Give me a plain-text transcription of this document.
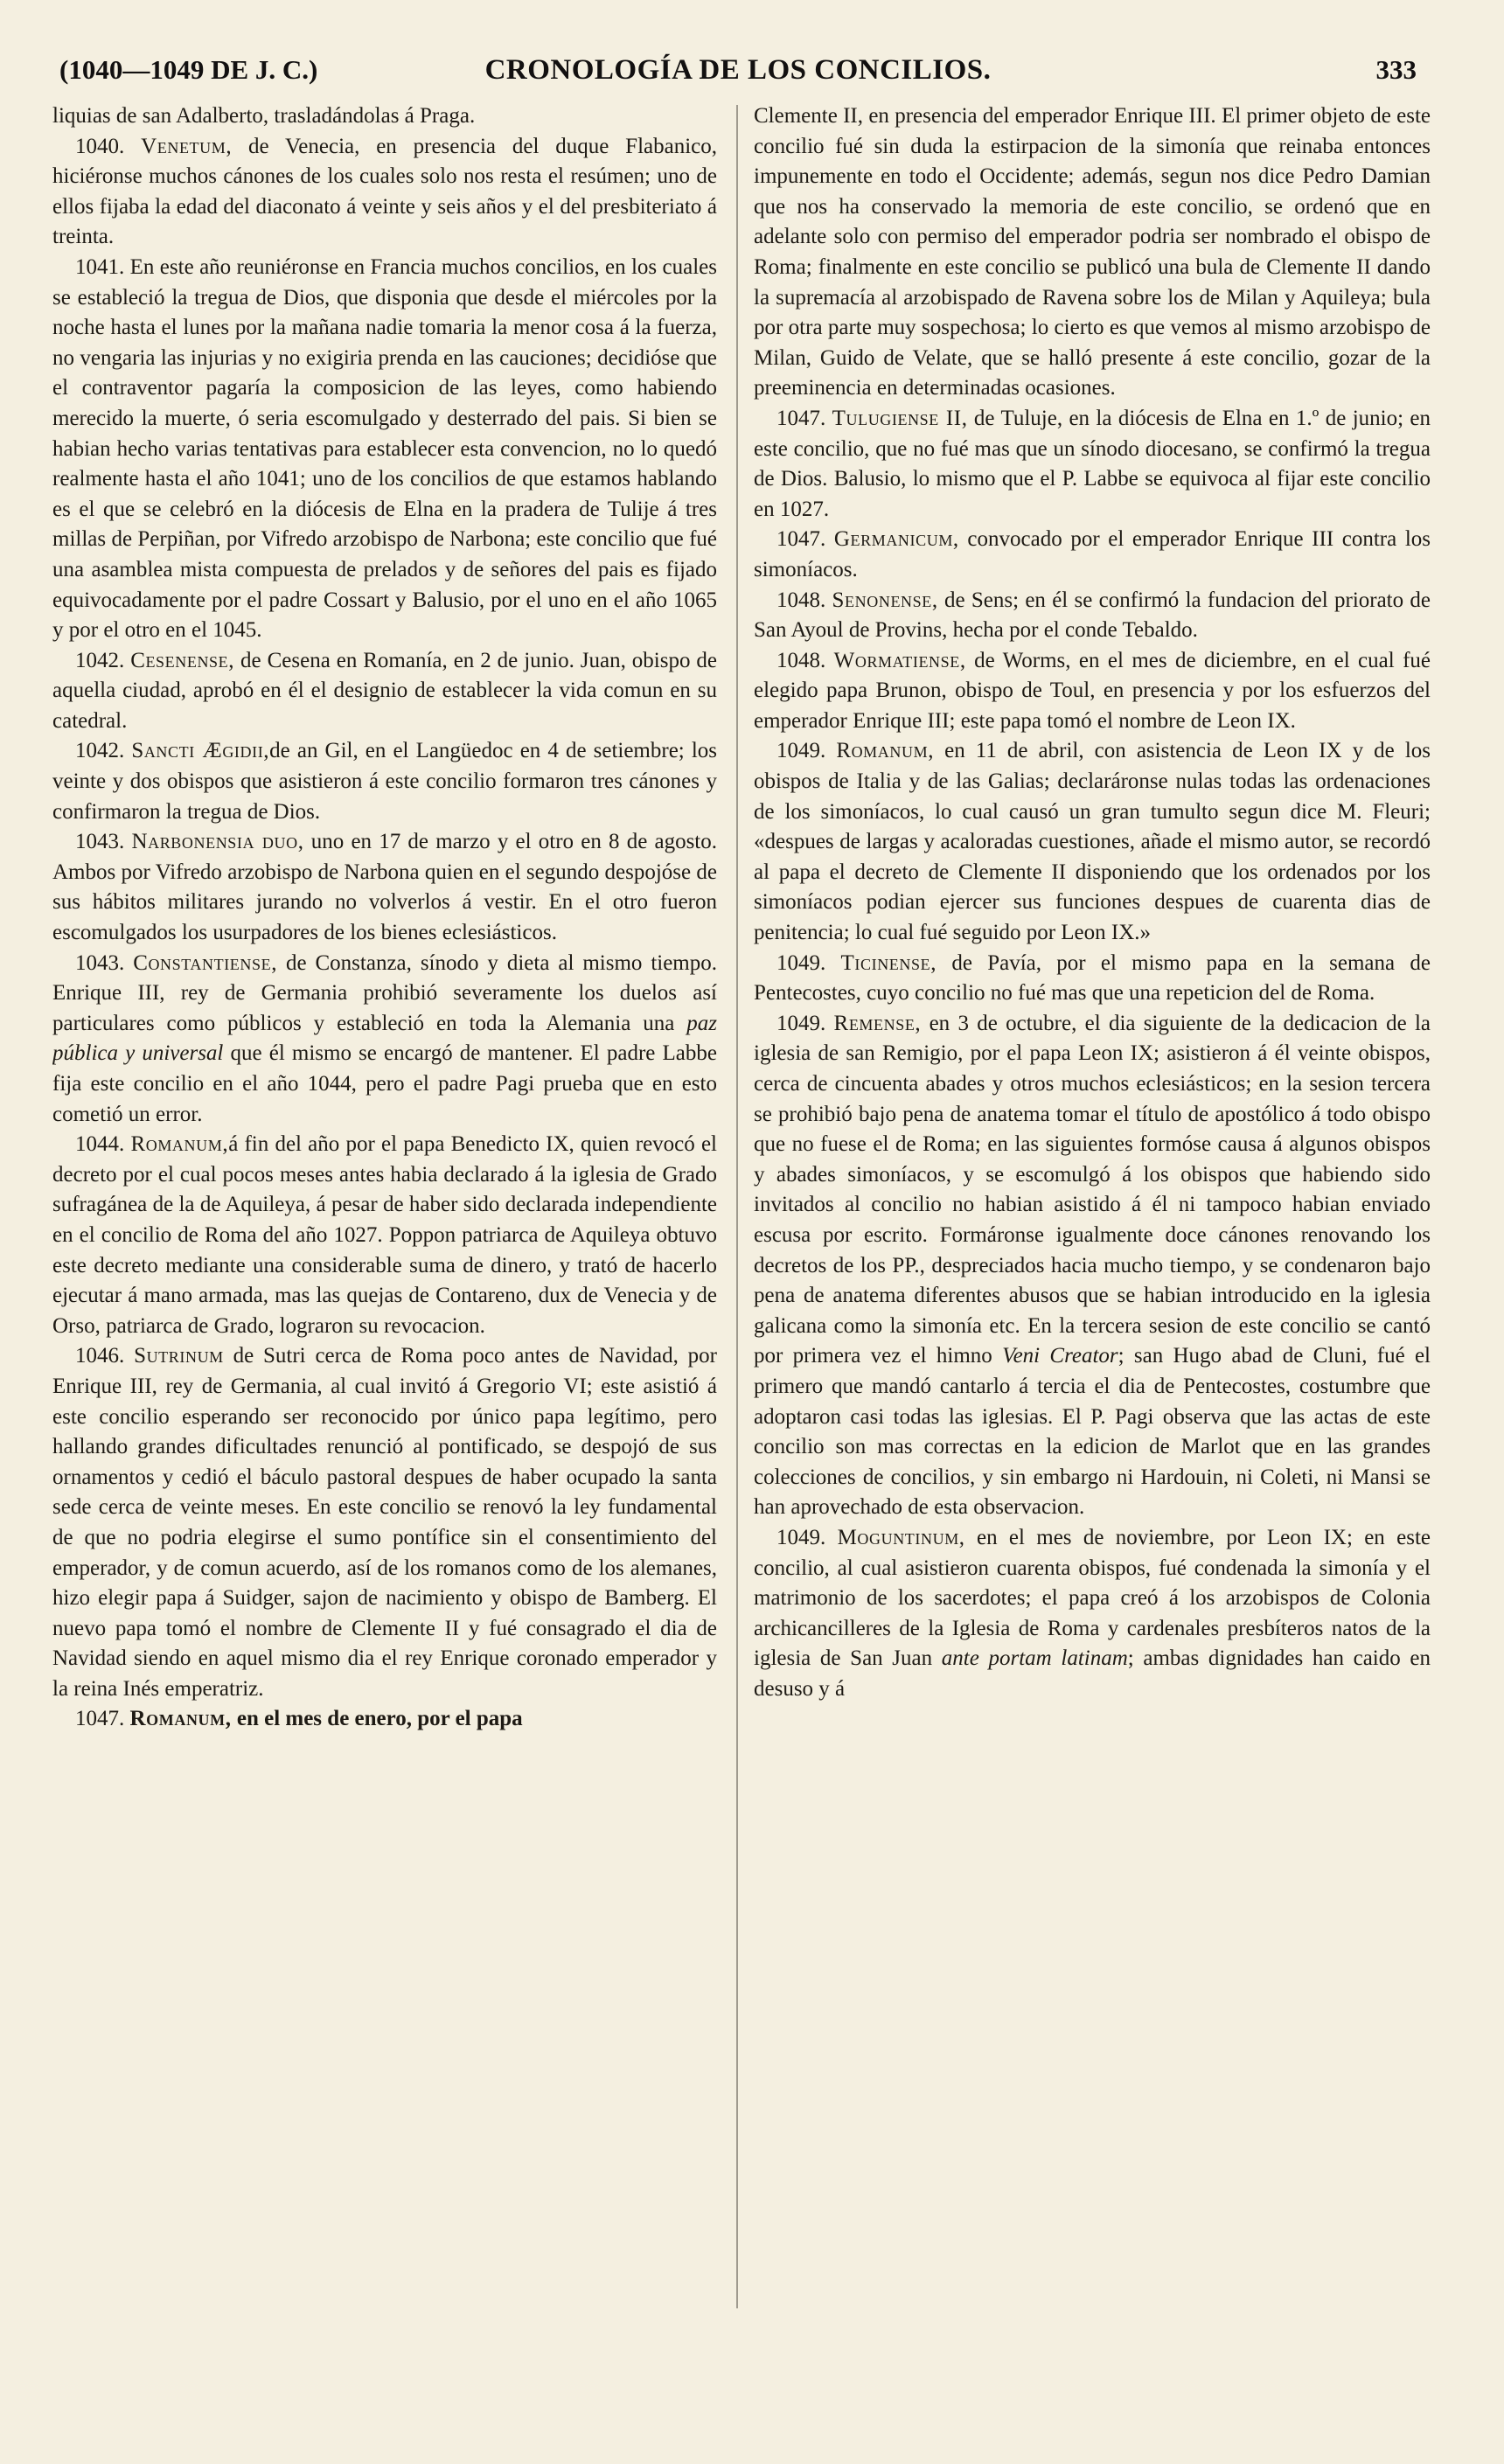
(1040—1049 DE J. C.)	CRONOLOGÍA DE LOS CONCILIOS.	333

liquias de san Adalberto, trasladándolas á Praga.

1040. Venetum, de Venecia, en presencia del duque Flabanico, hiciéronse muchos cánones de los cuales solo nos resta el resúmen; uno de ellos fijaba la edad del diaconato á veinte y seis años y el del presbiteriato á treinta.

1041. En este año reuniéronse en Francia muchos concilios, en los cuales se estableció la tregua de Dios, que disponia que desde el miércoles por la noche hasta el lunes por la mañana nadie tomaria la menor cosa á la fuerza, no vengaria las injurias y no exigiria prenda en las cauciones; decidióse que el contraventor pagaría la composicion de las leyes, como habiendo merecido la muerte, ó seria escomulgado y desterrado del pais. Si bien se habian hecho varias tentativas para establecer esta convencion, no lo quedó realmente hasta el año 1041; uno de los concilios de que estamos hablando es el que se celebró en la diócesis de Elna en la pradera de Tulije á tres millas de Perpiñan, por Vifredo arzobispo de Narbona; este concilio que fué una asamblea mista compuesta de prelados y de señores del pais es fijado equivocadamente por el padre Cossart y Balusio, por el uno en el año 1065 y por el otro en el 1045.

1042. Cesenense, de Cesena en Romanía, en 2 de junio. Juan, obispo de aquella ciudad, aprobó en él el designio de establecer la vida comun en su catedral.

1042. Sancti Ægidii,de an Gil, en el Langüedoc en 4 de setiembre; los veinte y dos obispos que asistieron á este concilio formaron tres cánones y confirmaron la tregua de Dios.

1043. Narbonensia duo, uno en 17 de marzo y el otro en 8 de agosto. Ambos por Vifredo arzobispo de Narbona quien en el segundo despojóse de sus hábitos militares jurando no volverlos á vestir. En el otro fueron escomulgados los usurpadores de los bienes eclesiásticos.

1043. Constantiense, de Constanza, sínodo y dieta al mismo tiempo. Enrique III, rey de Germania prohibió severamente los duelos así particulares como públicos y estableció en toda la Alemania una paz pública y universal que él mismo se encargó de mantener. El padre Labbe fija este concilio en el año 1044, pero el padre Pagi prueba que en esto cometió un error.

1044. Romanum,á fin del año por el papa Benedicto IX, quien revocó el decreto por el cual pocos meses antes habia declarado á la iglesia de Grado sufragánea de la de Aquileya, á pesar de haber sido declarada independiente en el concilio de Roma del año 1027. Poppon patriarca de Aquileya obtuvo este decreto mediante una considerable suma de dinero, y trató de hacerlo ejecutar á mano armada, mas las quejas de Contareno, dux de Venecia y de Orso, patriarca de Grado, lograron su revocacion.

1046. Sutrinum de Sutri cerca de Roma poco antes de Navidad, por Enrique III, rey de Germania, al cual invitó á Gregorio VI; este asistió á este concilio esperando ser reconocido por único papa legítimo, pero hallando grandes dificultades renunció al pontificado, se despojó de sus ornamentos y cedió el báculo pastoral despues de haber ocupado la santa sede cerca de veinte meses. En este concilio se renovó la ley fundamental de que no podria elegirse el sumo pontífice sin el consentimiento del emperador, y de comun acuerdo, así de los romanos como de los alemanes, hizo elegir papa á Suidger, sajon de nacimiento y obispo de Bamberg. El nuevo papa tomó el nombre de Clemente II y fué consagrado el dia de Navidad siendo en aquel mismo dia el rey Enrique coronado emperador y la reina Inés emperatriz.

1047. Romanum, en el mes de enero, por el papa

Clemente II, en presencia del emperador Enrique III. El primer objeto de este concilio fué sin duda la estirpacion de la simonía que reinaba entonces impunemente en todo el Occidente; además, segun nos dice Pedro Damian que nos ha conservado la memoria de este concilio, se ordenó que en adelante solo con permiso del emperador podria ser nombrado el obispo de Roma; finalmente en este concilio se publicó una bula de Clemente II dando la supremacía al arzobispado de Ravena sobre los de Milan y Aquileya; bula por otra parte muy sospechosa; lo cierto es que vemos al mismo arzobispo de Milan, Guido de Velate, que se halló presente á este concilio, gozar de la preeminencia en determinadas ocasiones.

1047. Tulugiense II, de Tuluje, en la diócesis de Elna en 1.º de junio; en este concilio, que no fué mas que un sínodo diocesano, se confirmó la tregua de Dios. Balusio, lo mismo que el P. Labbe se equivoca al fijar este concilio en 1027.

1047. Germanicum, convocado por el emperador Enrique III contra los simoníacos.

1048. Senonense, de Sens; en él se confirmó la fundacion del priorato de San Ayoul de Provins, hecha por el conde Tebaldo.

1048. Wormatiense, de Worms, en el mes de diciembre, en el cual fué elegido papa Brunon, obispo de Toul, en presencia y por los esfuerzos del emperador Enrique III; este papa tomó el nombre de Leon IX.

1049. Romanum, en 11 de abril, con asistencia de Leon IX y de los obispos de Italia y de las Galias; declaráronse nulas todas las ordenaciones de los simoníacos, lo cual causó un gran tumulto segun dice M. Fleuri; «despues de largas y acaloradas cuestiones, añade el mismo autor, se recordó al papa el decreto de Clemente II disponiendo que los ordenados por los simoníacos podian ejercer sus funciones despues de cuarenta dias de penitencia; lo cual fué seguido por Leon IX.»

1049. Ticinense, de Pavía, por el mismo papa en la semana de Pentecostes, cuyo concilio no fué mas que una repeticion del de Roma.

1049. Remense, en 3 de octubre, el dia siguiente de la dedicacion de la iglesia de san Remigio, por el papa Leon IX; asistieron á él veinte obispos, cerca de cincuenta abades y otros muchos eclesiásticos; en la sesion tercera se prohibió bajo pena de anatema tomar el título de apostólico á todo obispo que no fuese el de Roma; en las siguientes formóse causa á algunos obispos y abades simoníacos, y se escomulgó á los obispos que habiendo sido invitados al concilio no habian asistido á él ni tampoco habian enviado escusa por escrito. Formáronse igualmente doce cánones renovando los decretos de los PP., despreciados hacia mucho tiempo, y se condenaron bajo pena de anatema diferentes abusos que se habian introducido en la iglesia galicana como la simonía etc. En la tercera sesion de este concilio se cantó por primera vez el himno Veni Creator; san Hugo abad de Cluni, fué el primero que mandó cantarlo á tercia el dia de Pentecostes, costumbre que adoptaron casi todas las iglesias. El P. Pagi observa que las actas de este concilio son mas correctas en la edicion de Marlot que en las grandes colecciones de concilios, y sin embargo ni Hardouin, ni Coleti, ni Mansi se han aprovechado de esta observacion.

1049. Moguntinum, en el mes de noviembre, por Leon IX; en este concilio, al cual asistieron cuarenta obispos, fué condenada la simonía y el matrimonio de los sacerdotes; el papa creó á los arzobispos de Colonia archicancilleres de la Iglesia de Roma y cardenales presbíteros natos de la iglesia de San Juan ante portam latinam; ambas dignidades han caido en desuso y á
